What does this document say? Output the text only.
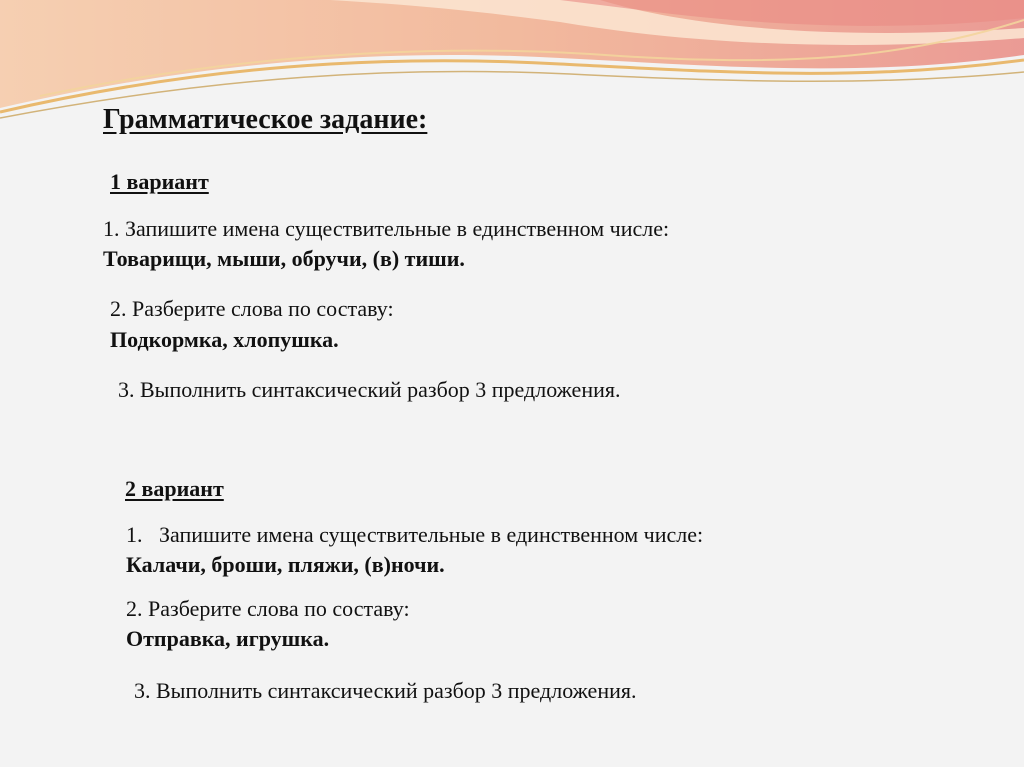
Грамматическое задание:
1 вариант
1. Запишите имена существительные в единственном числе:
Товарищи, мыши, обручи, (в) тиши.
2. Разберите слова по составу:
Подкормка, хлопушка.
3. Выполнить синтаксический разбор 3 предложения.
2 вариант
1.   Запишите имена существительные в единственном числе:
Калачи, броши, пляжи, (в)ночи.
2. Разберите слова по составу:
Отправка, игрушка.
3. Выполнить синтаксический разбор 3 предложения.
